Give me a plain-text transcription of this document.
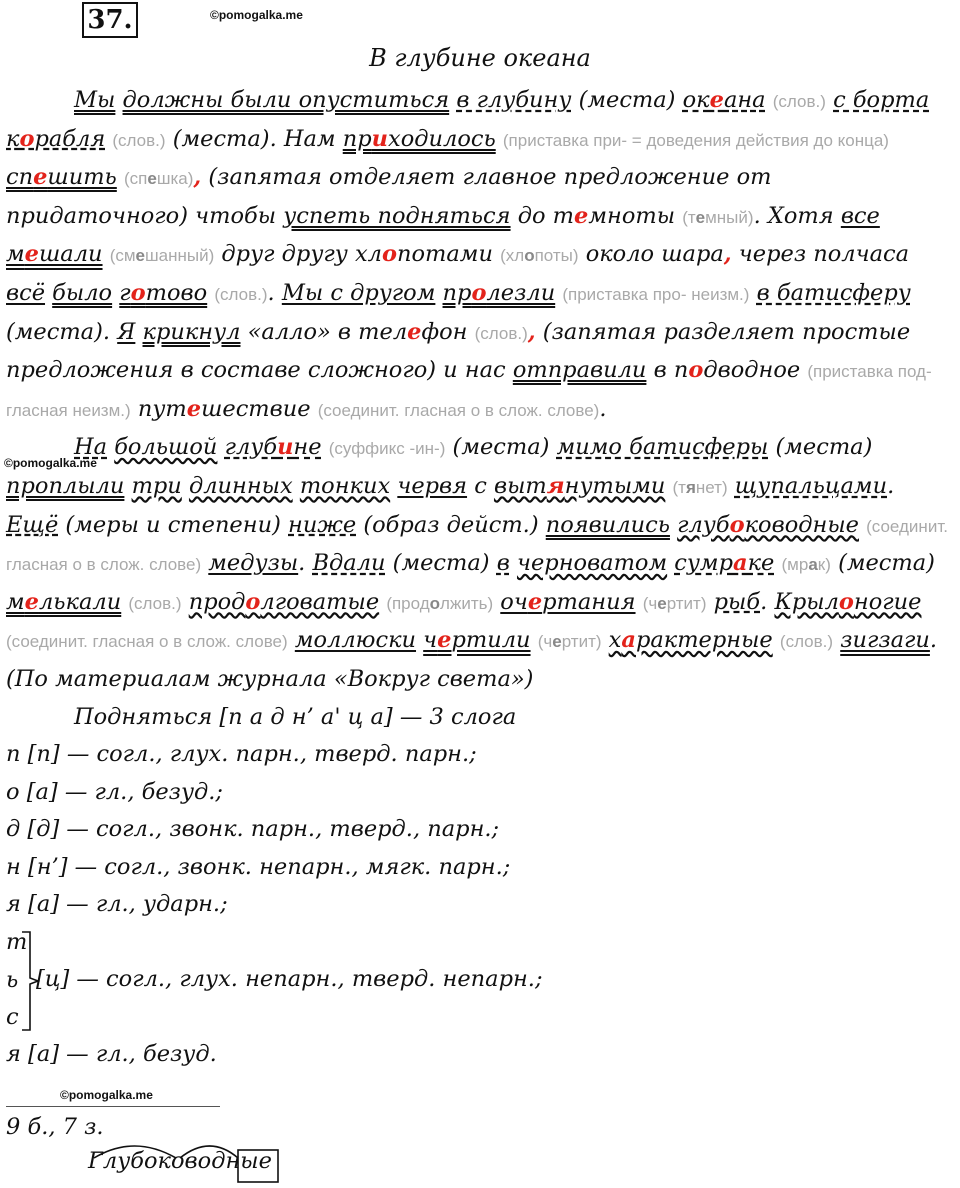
37.	©pomogalka.me
©pomogalka.me
©pomogalka.me
В глубине океана

Мы должны были опуститься в глубину (места) океана (слов.) с борта корабля (слов.) (места). Нам приходилось (приставка при- = доведения действия до конца) спешить (спешка), (запятая отделяет главное предложение от придаточного) чтобы успеть подняться до темноты (темный). Хотя все мешали (смешанный) друг другу хлопотами (хлопоты) около шара, через полчаса всё было готово (слов.). Мы с другом пролезли (приставка про- неизм.) в батисферу (места). Я крикнул «алло» в телефон (слов.), (запятая разделяет простые предложения в составе сложного) и нас отправили в подводное (приставка под- гласная неизм.) путешествие (соединит. гласная о в слож. слове).

На большой глубине (суффикс -ин-) (места) мимо батисферы (места) проплыли три длинных тонких червя с вытянутыми (тянет) щупальцами. Ещё (меры и степени) ниже (образ дейст.) появились глубоководные (соединит. гласная о в слож. слове) медузы. Вдали (места) в черноватом сумраке (мрак) (места) мелькали (слов.) продолговатые (продолжить) очертания (чертит) рыб. Крылоногие (соединит. гласная о в слож. слове) моллюски чертили (чертит) характерные (слов.) зигзаги. (По материалам журнала «Вокруг света»)

Подняться [п а д н’ а' ц а] — 3 слога

п [п] — согл., глух. парн., тверд. парн.;

о [а] — гл., безуд.;

д [д] — согл., звонк. парн., тверд., парн.;

н [н’] — согл., звонк. непарн., мягк. парн.;

я [а] — гл., ударн.;

т
ь
с
[ц] — согл., глух. непарн., тверд. непарн.;

я [а] — гл., безуд.

9 б., 7 з.
Глубоководные
